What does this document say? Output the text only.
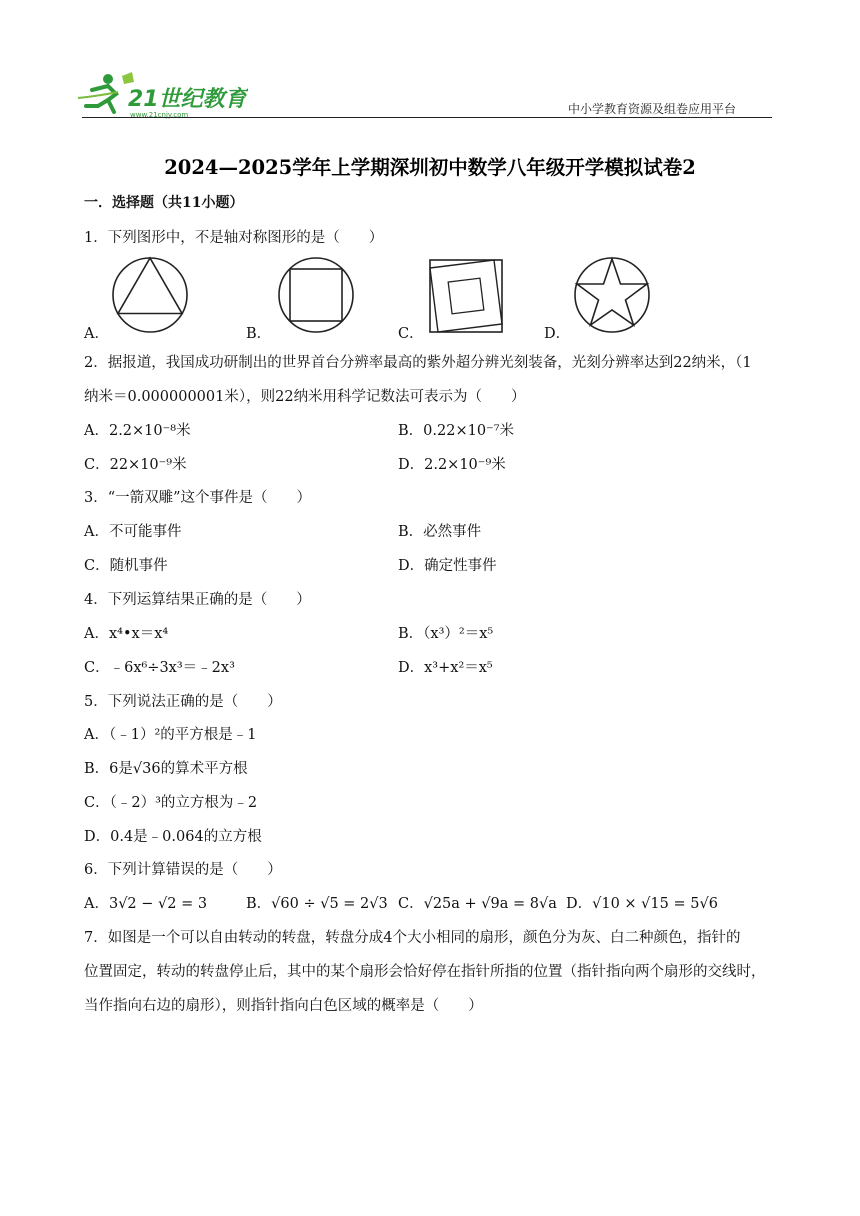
21世纪教育
www.21cnjy.com	中小学教育资源及组卷应用平台
2024—2025学年上学期深圳初中数学八年级开学模拟试卷2
一．选择题（共11小题）
1．下列图形中，不是轴对称图形的是（　　）
A．	B．	C．	D．
2．据报道，我国成功研制出的世界首台分辨率最高的紫外超分辨光刻装备，光刻分辨率达到22纳米，（1
纳米＝0.000000001米），则22纳米用科学记数法可表示为（　　）
A．2.2×10⁻⁸米	B．0.22×10⁻⁷米
C．22×10⁻⁹米	D．2.2×10⁻⁹米
3．“一箭双雕”这个事件是（　　）
A．不可能事件	B．必然事件
C．随机事件	D．确定性事件
4．下列运算结果正确的是（　　）
A．x⁴•x＝x⁴	B．（x³）²＝x⁵
C．﹣6x⁶÷3x³＝﹣2x³	D．x³+x²＝x⁵
5．下列说法正确的是（　　）
A．（﹣1）²的平方根是﹣1
B．6是√36的算术平方根
C．（﹣2）³的立方根为﹣2
D．0.4是﹣0.064的立方根
6．下列计算错误的是（　　）
A．3√2 − √2 = 3	B．√60 ÷ √5 = 2√3 C．√25a + √9a = 8√a D．√10 × √15 = 5√6
7．如图是一个可以自由转动的转盘，转盘分成4个大小相同的扇形，颜色分为灰、白二种颜色，指针的
位置固定，转动的转盘停止后，其中的某个扇形会恰好停在指针所指的位置（指针指向两个扇形的交线时，
当作指向右边的扇形），则指针指向白色区域的概率是（　　）
